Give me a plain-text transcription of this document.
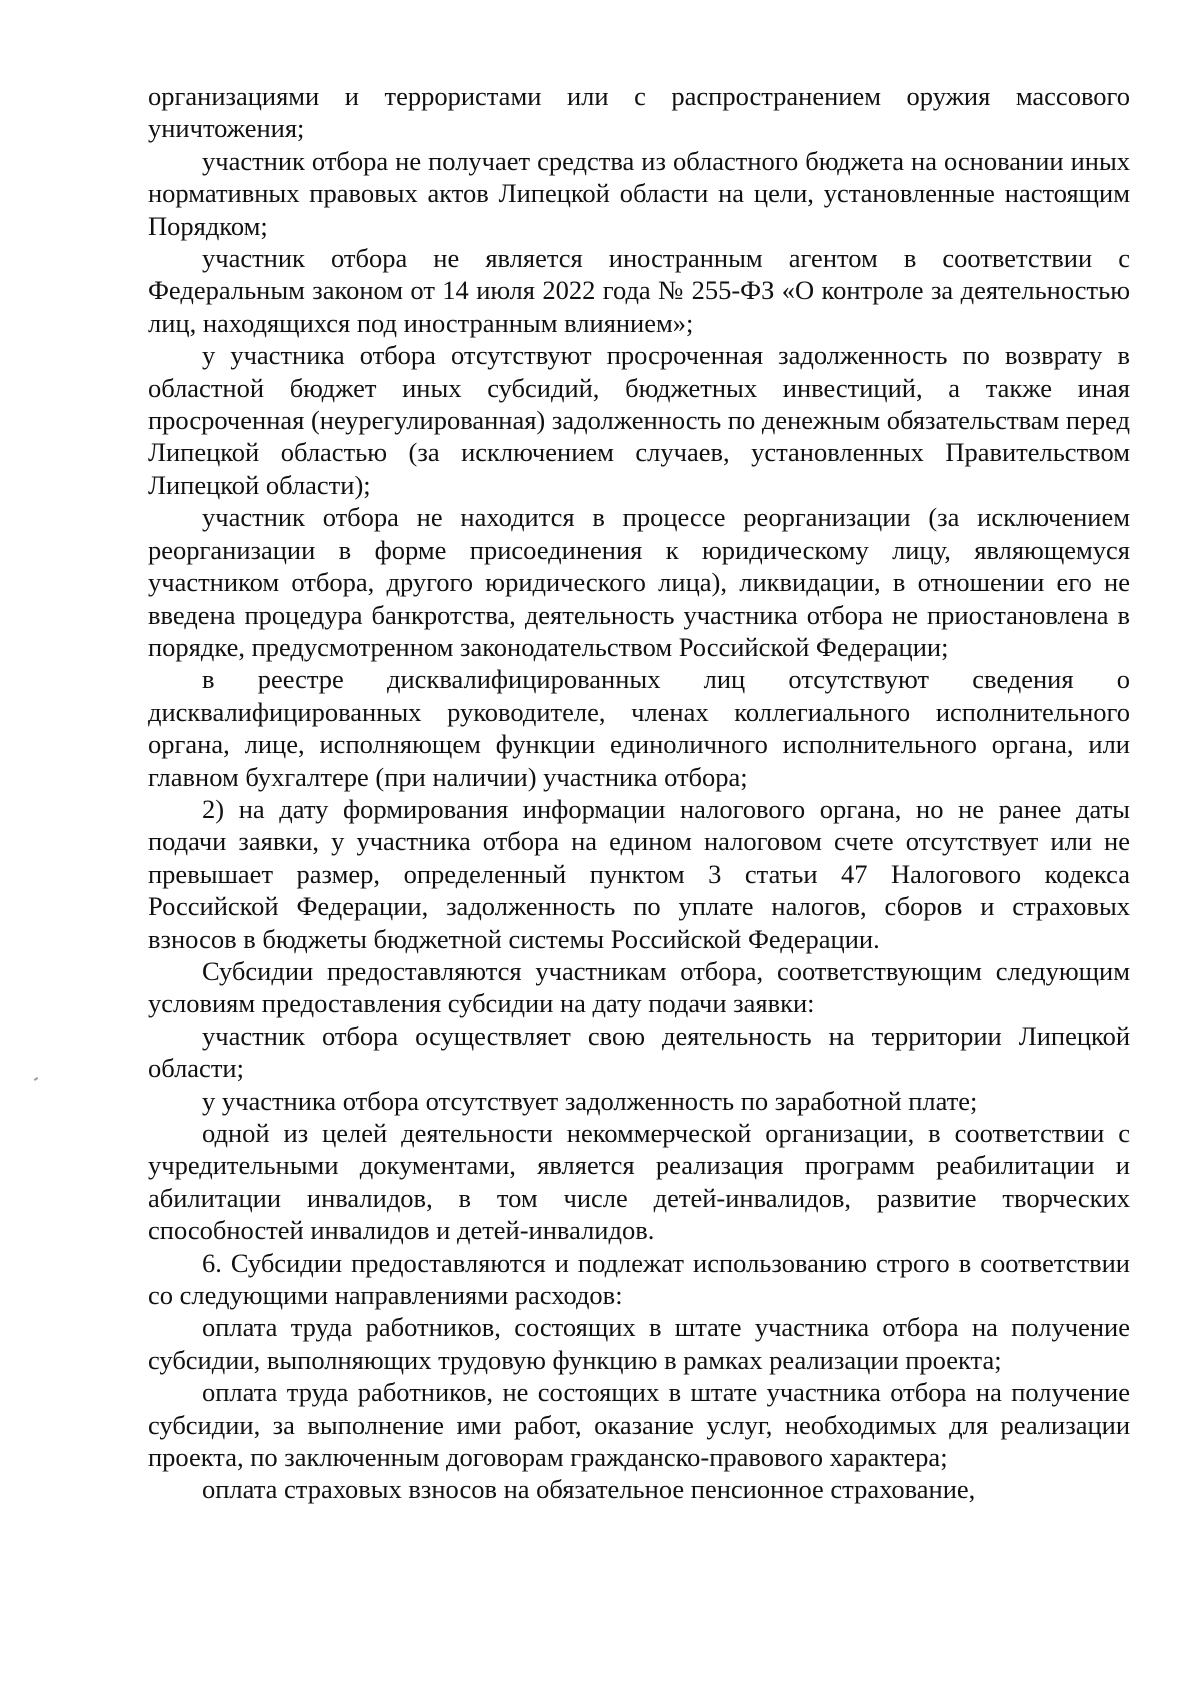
организациями и террористами или с распространением оружия массового уничтожения;

участник отбора не получает средства из областного бюджета на основании иных нормативных правовых актов Липецкой области на цели, установленные настоящим Порядком;

участник отбора не является иностранным агентом в соответствии с Федеральным законом от 14 июля 2022 года № 255-ФЗ «О контроле за деятельностью лиц, находящихся под иностранным влиянием»;

у участника отбора отсутствуют просроченная задолженность по возврату в областной бюджет иных субсидий, бюджетных инвестиций, а также иная просроченная (неурегулированная) задолженность по денежным обязательствам перед Липецкой областью (за исключением случаев, установленных Правительством Липецкой области);

участник отбора не находится в процессе реорганизации (за исключением реорганизации в форме присоединения к юридическому лицу, являющемуся участником отбора, другого юридического лица), ликвидации, в отношении его не введена процедура банкротства, деятельность участника отбора не приостановлена в порядке, предусмотренном законодательством Российской Федерации;

в реестре дисквалифицированных лиц отсутствуют сведения о дисквалифицированных руководителе, членах коллегиального исполнительного органа, лице, исполняющем функции единоличного исполнительного органа, или главном бухгалтере (при наличии) участника отбора;

2) на дату формирования информации налогового органа, но не ранее даты подачи заявки, у участника отбора на едином налоговом счете отсутствует или не превышает размер, определенный пунктом 3 статьи 47 Налогового кодекса Российской Федерации, задолженность по уплате налогов, сборов и страховых взносов в бюджеты бюджетной системы Российской Федерации.

Субсидии предоставляются участникам отбора, соответствующим следующим условиям предоставления субсидии на дату подачи заявки:

участник отбора осуществляет свою деятельность на территории Липецкой области;

у участника отбора отсутствует задолженность по заработной плате;

одной из целей деятельности некоммерческой организации, в соответствии с учредительными документами, является реализация программ реабилитации и абилитации инвалидов, в том числе детей-инвалидов, развитие творческих способностей инвалидов и детей-инвалидов.

6. Субсидии предоставляются и подлежат использованию строго в соответствии со следующими направлениями расходов:

оплата труда работников, состоящих в штате участника отбора на получение субсидии, выполняющих трудовую функцию в рамках реализации проекта;

оплата труда работников, не состоящих в штате участника отбора на получение субсидии, за выполнение ими работ, оказание услуг, необходимых для реализации проекта, по заключенным договорам гражданско-правового характера;

оплата страховых взносов на обязательное пенсионное страхование,
